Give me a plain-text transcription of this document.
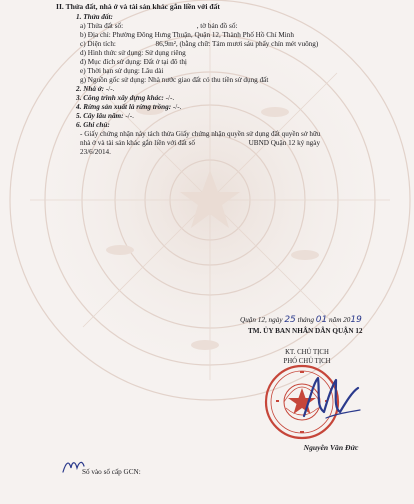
II. Thửa đất, nhà ở và tài sản khác gắn liền với đất
1. Thửa đất:
a) Thửa đất số:	, tờ bản đồ số:
b) Địa chỉ: Phường Đông Hưng Thuận, Quận 12, Thành Phố Hồ Chí Minh
c) Diện tích:	86,9m², (bằng chữ: Tám mươi sáu phẩy chín mét vuông)
d) Hình thức sử dụng: Sử dụng riêng
đ) Mục đích sử dụng: Đất ở tại đô thị
e) Thời hạn sử dụng: Lâu dài
g) Nguồn gốc sử dụng: Nhà nước giao đất có thu tiền sử dụng đất
2. Nhà ở: -/-.
3. Công trình xây dựng khác: -/-.
4. Rừng sản xuất là rừng trồng: -/-.
5. Cây lâu năm: -/-.
6. Ghi chú:
- Giấy chứng nhận này tách thửa Giấy chứng nhận quyền sử dụng đất quyền sở hữu
nhà ở và tài sản khác gắn liền với đất số	UBND Quận 12 ký ngày
23/6/2014.
Quận 12, ngày 25 tháng 01 năm 2019
TM. ỦY BAN NHÂN DÂN QUẬN 12
KT. CHỦ TỊCH
PHÓ CHỦ TỊCH
Nguyễn Văn Đức
Số vào sổ cấp GCN:
